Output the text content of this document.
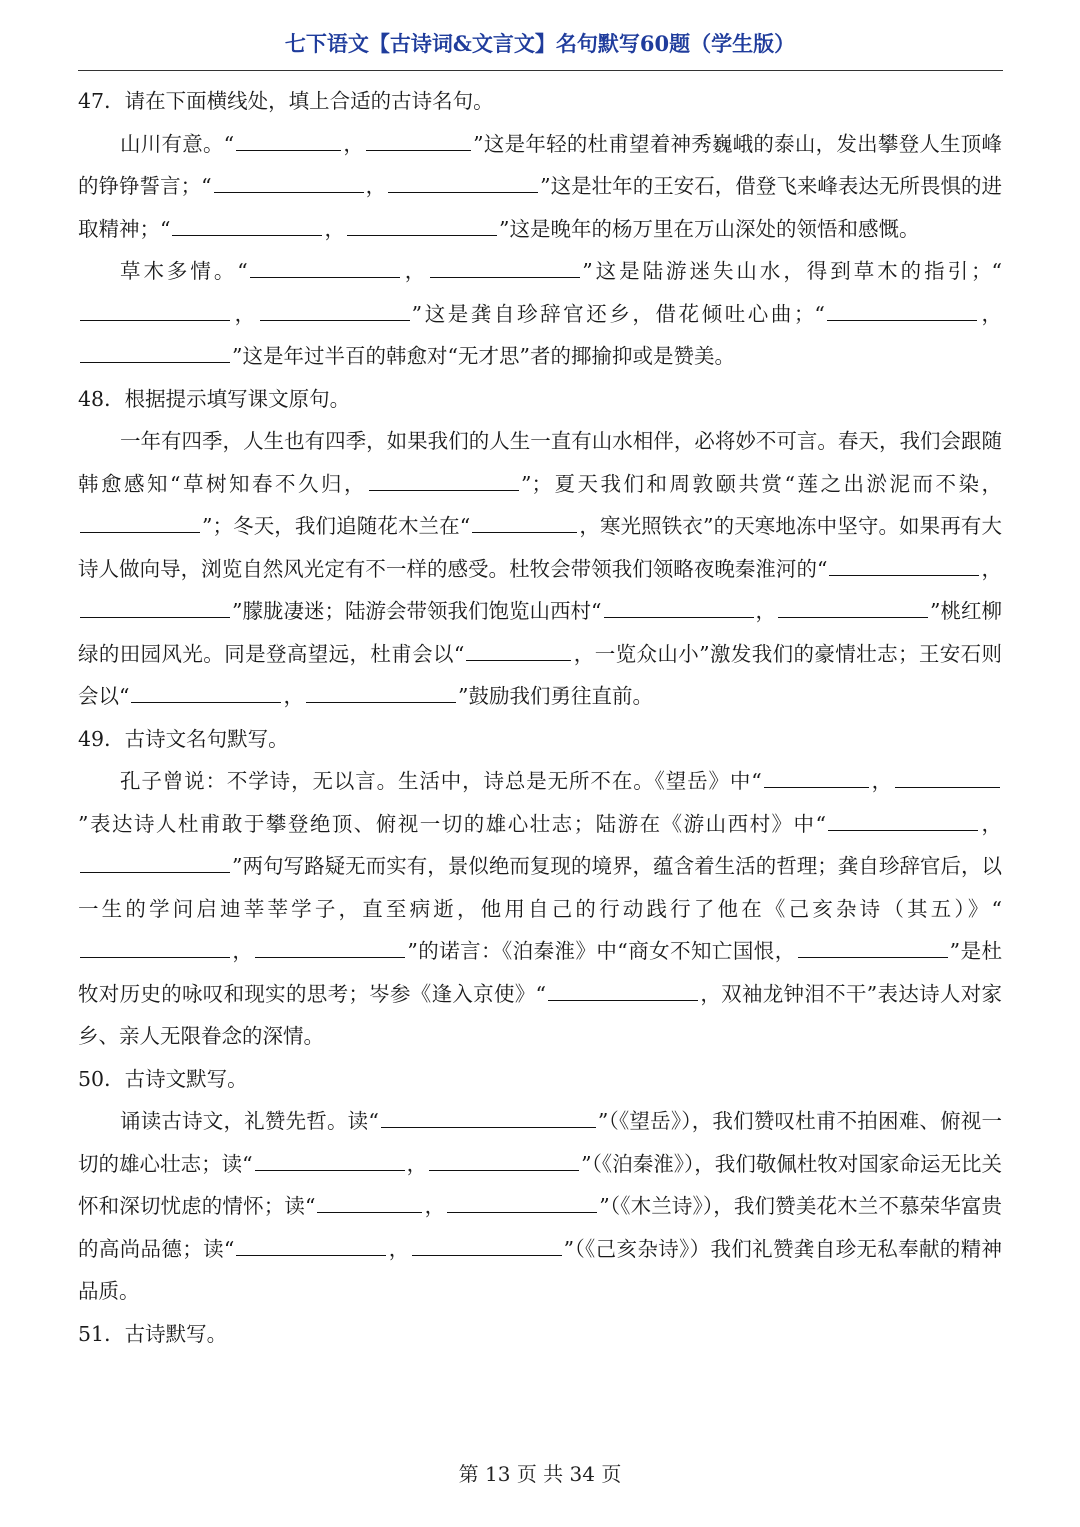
七下语文【古诗词&文言文】名句默写60题（学生版）

47．请在下面横线处，填上合适的古诗名句。

山川有意。“	，	”这是年轻的杜甫望着神秀巍峨的泰山，发出攀登人生顶峰的铮铮誓言；“	，	”这是壮年的王安石，借登飞来峰表达无所畏惧的进取精神；“	，	”这是晚年的杨万里在万山深处的领悟和感慨。

草木多情。“	，	”这是陆游迷失山水，得到草木的指引；“，	”这是龚自珍辞官还乡，借花倾吐心曲；“	，”这是年过半百的韩愈对“无才思”者的揶揄抑或是赞美。

48．根据提示填写课文原句。

一年有四季，人生也有四季，如果我们的人生一直有山水相伴，必将妙不可言。春天，我们会跟随韩愈感知“草树知春不久归，	”；夏天我们和周敦颐共赏“莲之出淤泥而不染，”；冬天，我们追随花木兰在“	，寒光照铁衣”的天寒地冻中坚守。如果再有大诗人做向导，浏览自然风光定有不一样的感受。杜牧会带领我们领略夜晚秦淮河的“	，”朦胧凄迷；陆游会带领我们饱览山西村“	，	”桃红柳绿的田园风光。同是登高望远，杜甫会以“	，一览众山小”激发我们的豪情壮志；王安石则会以“	，	”鼓励我们勇往直前。

49．古诗文名句默写。

孔子曾说：不学诗，无以言。生活中，诗总是无所不在。《望岳》中“	，”表达诗人杜甫敢于攀登绝顶、俯视一切的雄心壮志；陆游在《游山西村》中“	，”两句写路疑无而实有，景似绝而复现的境界，蕴含着生活的哲理；龚自珍辞官后，以一生的学问启迪莘莘学子，直至病逝，他用自己的行动践行了他在《己亥杂诗（其五）》“，	”的诺言：《泊秦淮》中“商女不知亡国恨，	”是杜牧对历史的咏叹和现实的思考；岑参《逢入京使》“	，双袖龙钟泪不干”表达诗人对家乡、亲人无限眷念的深情。

50．古诗文默写。

诵读古诗文，礼赞先哲。读“	”（《望岳》），我们赞叹杜甫不拍困难、俯视一切的雄心壮志；读“	，	”（《泊秦淮》），我们敬佩杜牧对国家命运无比关怀和深切忧虑的情怀；读“	，	”（《木兰诗》），我们赞美花木兰不慕荣华富贵的高尚品德；读“	，	”（《己亥杂诗》）我们礼赞龚自珍无私奉献的精神品质。

51．古诗默写。

第 13 页 共 34 页
